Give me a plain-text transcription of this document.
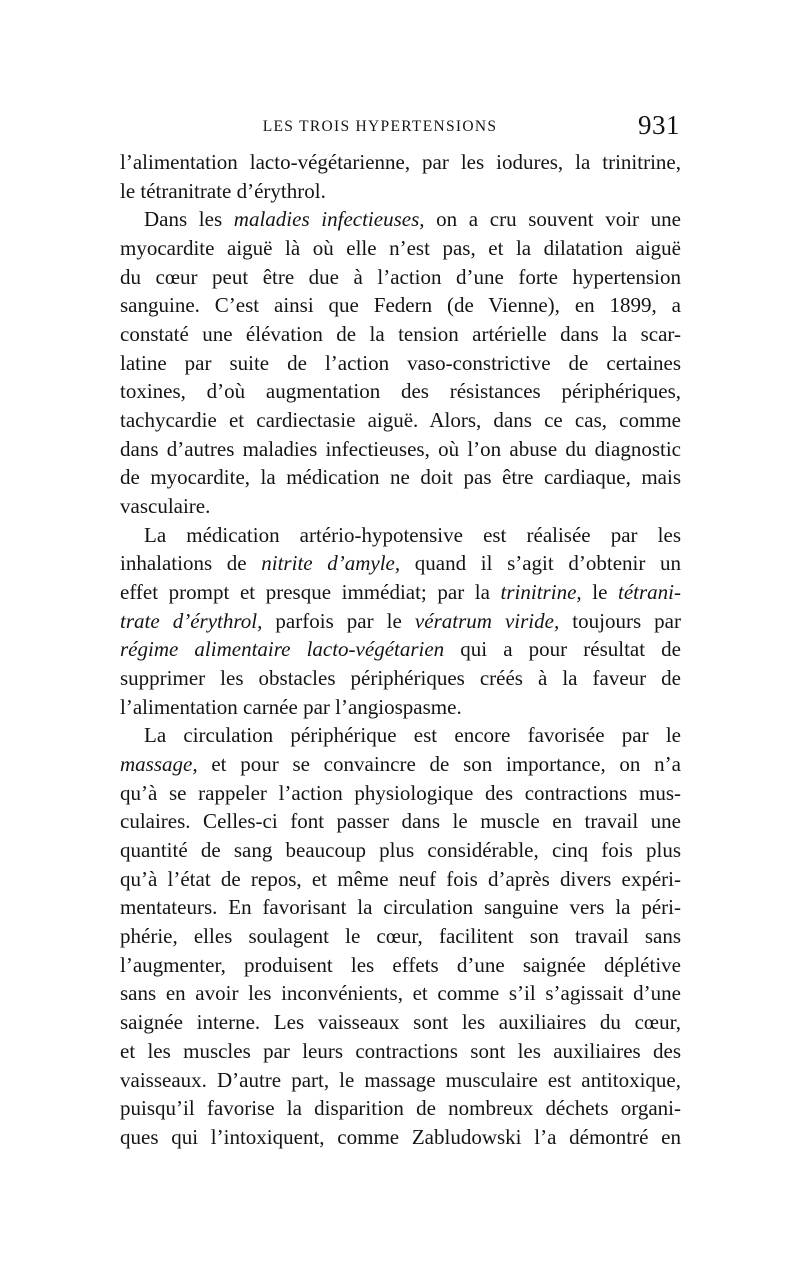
LES TROIS HYPERTENSIONS	931
l’alimentation lacto-végétarienne, par les iodures, la trinitrine,
le tétranitrate d’érythrol.
Dans les maladies infectieuses, on a cru souvent voir une
myocardite aiguë là où elle n’est pas, et la dilatation aiguë
du cœur peut être due à l’action d’une forte hypertension
sanguine. C’est ainsi que Federn (de Vienne), en 1899, a
constaté une élévation de la tension artérielle dans la scar-
latine par suite de l’action vaso-constrictive de certaines
toxines, d’où augmentation des résistances périphériques,
tachycardie et cardiectasie aiguë. Alors, dans ce cas, comme
dans d’autres maladies infectieuses, où l’on abuse du diagnostic
de myocardite, la médication ne doit pas être cardiaque, mais
vasculaire.
La médication artério-hypotensive est réalisée par les
inhalations de nitrite d’amyle, quand il s’agit d’obtenir un
effet prompt et presque immédiat; par la trinitrine, le tétrani-
trate d’érythrol, parfois par le vératrum viride, toujours par
régime alimentaire lacto-végétarien qui a pour résultat de
supprimer les obstacles périphériques créés à la faveur de
l’alimentation carnée par l’angiospasme.
La circulation périphérique est encore favorisée par le
massage, et pour se convaincre de son importance, on n’a
qu’à se rappeler l’action physiologique des contractions mus-
culaires. Celles-ci font passer dans le muscle en travail une
quantité de sang beaucoup plus considérable, cinq fois plus
qu’à l’état de repos, et même neuf fois d’après divers expéri-
mentateurs. En favorisant la circulation sanguine vers la péri-
phérie, elles soulagent le cœur, facilitent son travail sans
l’augmenter, produisent les effets d’une saignée déplétive
sans en avoir les inconvénients, et comme s’il s’agissait d’une
saignée interne. Les vaisseaux sont les auxiliaires du cœur,
et les muscles par leurs contractions sont les auxiliaires des
vaisseaux. D’autre part, le massage musculaire est antitoxique,
puisqu’il favorise la disparition de nombreux déchets organi-
ques qui l’intoxiquent, comme Zabludowski l’a démontré en
